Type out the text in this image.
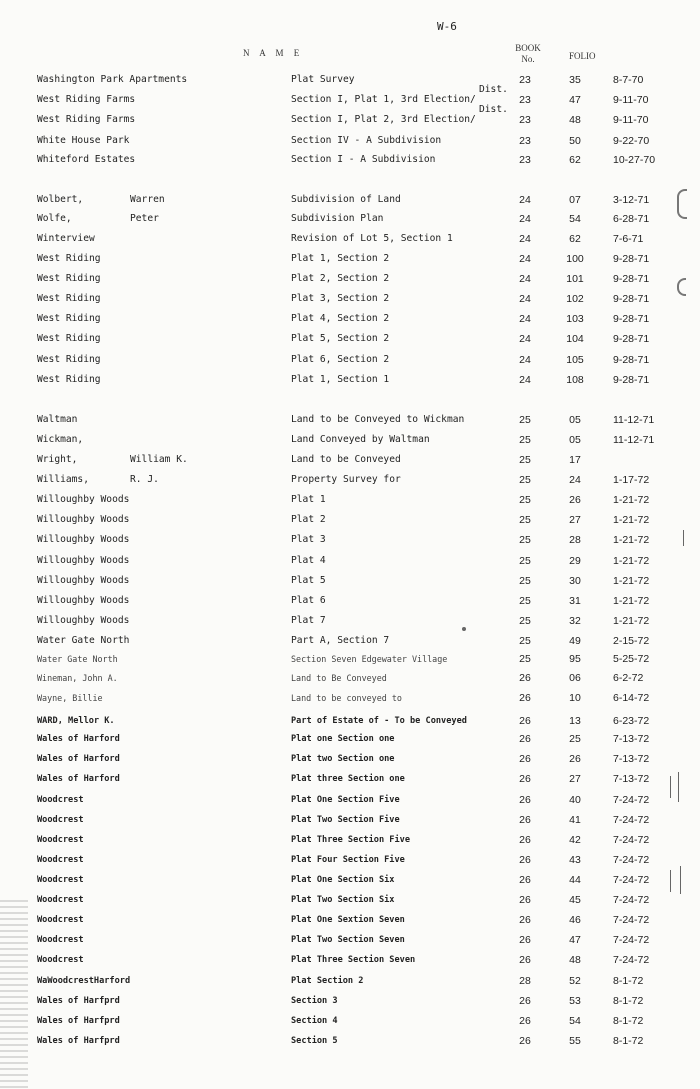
W-6
N A M E	BOOK
No.	FOLIO
Dist.
Dist.
Washington Park Apartments	Plat Survey	23	35	8-7-70
West Riding Farms	Section I, Plat 1, 3rd Election/	23	47	9-11-70
West Riding Farms	Section I, Plat 2, 3rd Election/	23	48	9-11-70
White House Park	Section IV - A Subdivision	23	50	9-22-70
Whiteford Estates	Section I - A Subdivision	23	62	10-27-70
Wolbert,	Warren	Subdivision of Land	24	07	3-12-71
Wolfe,	Peter	Subdivision Plan	24	54	6-28-71
Winterview	Revision of Lot 5, Section 1	24	62	7-6-71
West Riding	Plat 1, Section 2	24	100	9-28-71
West Riding	Plat 2, Section 2	24	101	9-28-71
West Riding	Plat 3, Section 2	24	102	9-28-71
West Riding	Plat 4, Section 2	24	103	9-28-71
West Riding	Plat 5, Section 2	24	104	9-28-71
West Riding	Plat 6, Section 2	24	105	9-28-71
West Riding	Plat 1, Section 1	24	108	9-28-71
Waltman	Land to be Conveyed to Wickman	25	05	11-12-71
Wickman,	Land Conveyed by Waltman	25	05	11-12-71
Wright,	William K.	Land to be Conveyed	25	17
Williams,	R. J.	Property Survey for	25	24	1-17-72
Willoughby Woods	Plat 1	25	26	1-21-72
Willoughby Woods	Plat 2	25	27	1-21-72
Willoughby Woods	Plat 3	25	28	1-21-72
Willoughby Woods	Plat 4	25	29	1-21-72
Willoughby Woods	Plat 5	25	30	1-21-72
Willoughby Woods	Plat 6	25	31	1-21-72
Willoughby Woods	Plat 7	25	32	1-21-72
Water Gate North	Part A, Section 7	25	49	2-15-72
Water Gate North	Section Seven Edgewater Village	25	95	5-25-72
Wineman, John A.	Land to Be Conveyed	26	06	6-2-72
Wayne, Billie	Land to be conveyed to	26	10	6-14-72
WARD, Mellor K.	Part of Estate of - To be Conveyed	26	13	6-23-72
Wales of Harford	Plat one Section one	26	25	7-13-72
Wales of Harford	Plat two Section one	26	26	7-13-72
Wales of Harford	Plat three Section one	26	27	7-13-72
Woodcrest	Plat One Section Five	26	40	7-24-72
Woodcrest	Plat Two Section Five	26	41	7-24-72
Woodcrest	Plat Three Section Five	26	42	7-24-72
Woodcrest	Plat Four Section Five	26	43	7-24-72
Woodcrest	Plat One Section Six	26	44	7-24-72
Woodcrest	Plat Two Section Six	26	45	7-24-72
Woodcrest	Plat One Sextion Seven	26	46	7-24-72
Woodcrest	Plat Two Section Seven	26	47	7-24-72
Woodcrest	Plat Three Section Seven	26	48	7-24-72
WaWoodcrestHarford	Plat Section 2	28	52	8-1-72
Wales of Harfprd	Section 3	26	53	8-1-72
Wales of Harfprd	Section 4	26	54	8-1-72
Wales of Harfprd	Section 5	26	55	8-1-72
